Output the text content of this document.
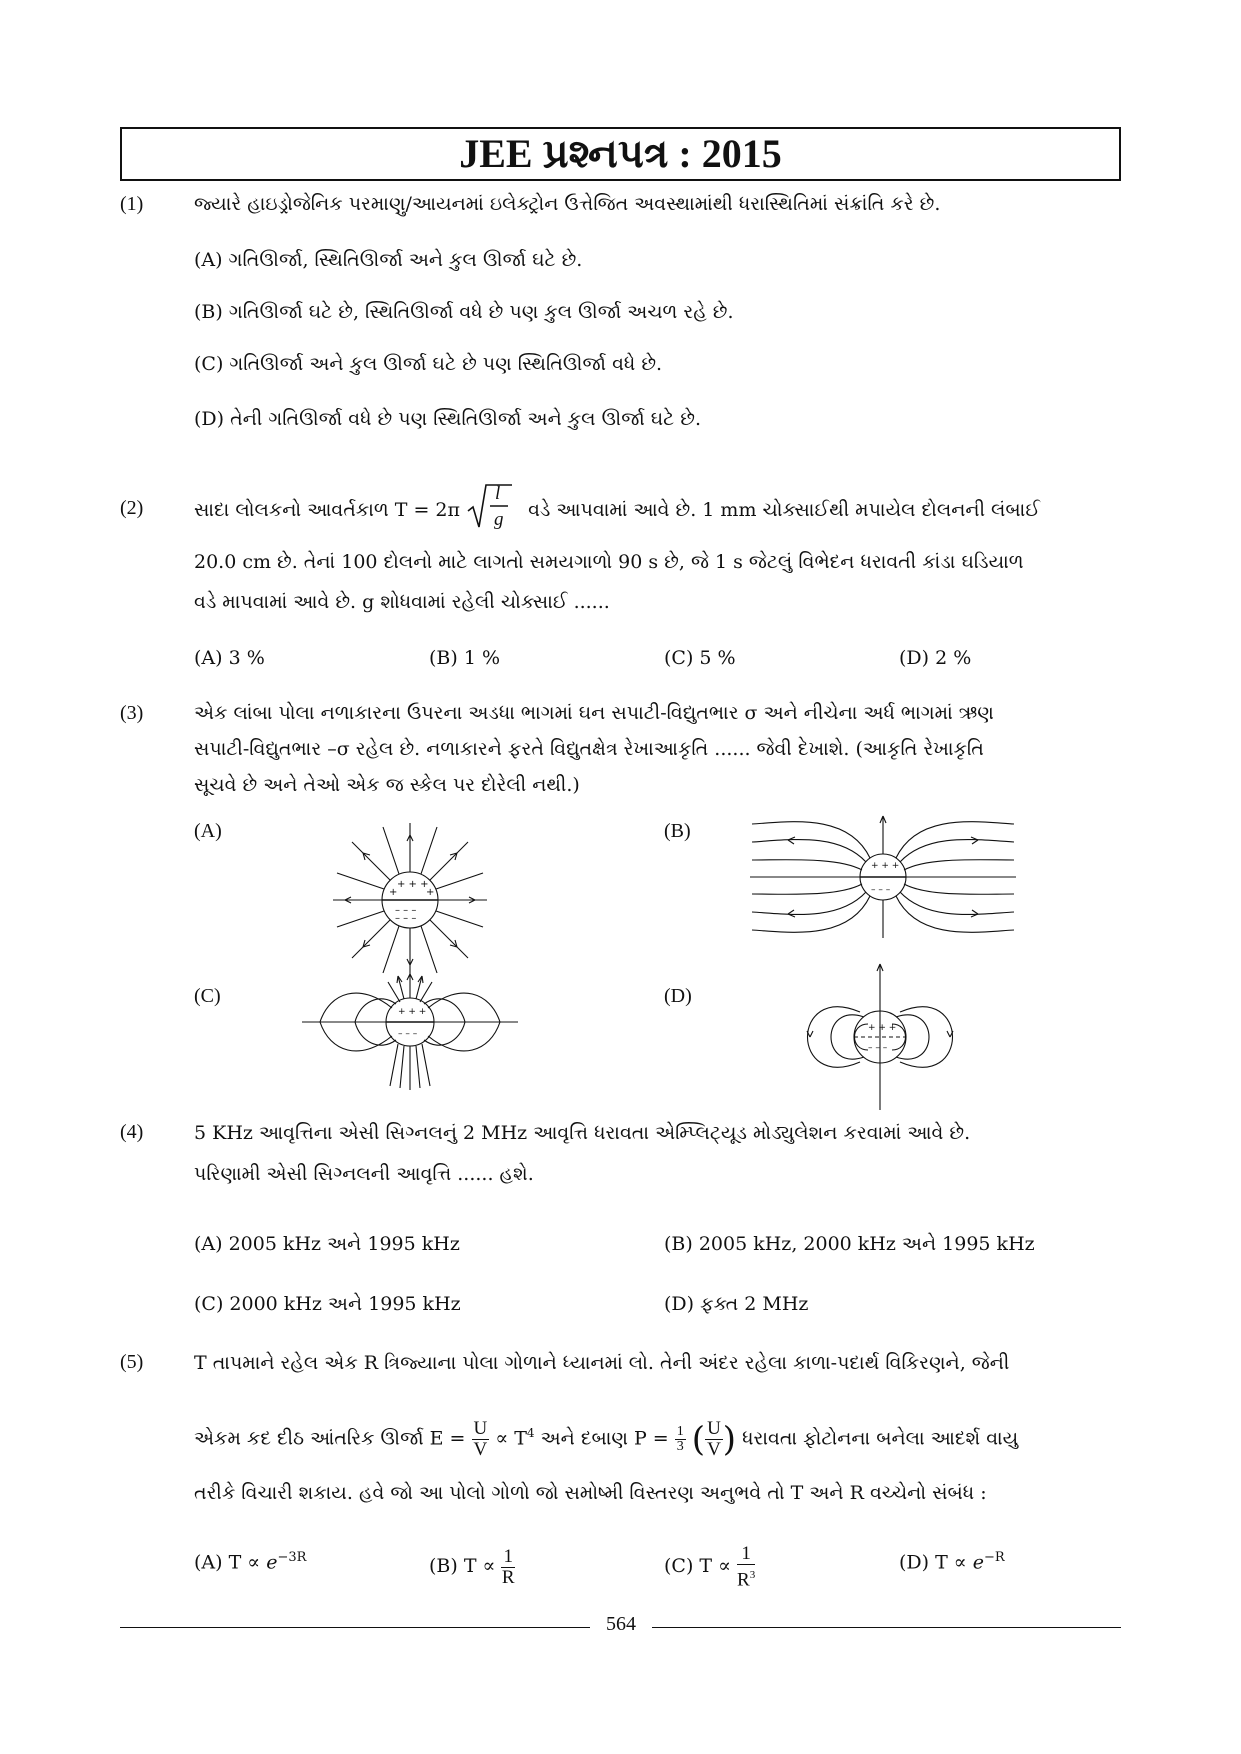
JEE પ્રશ્નપત્ર : 2015
(1)	જ્યારે હાઇડ્રોજેનિક પરમાણુ/આયનમાં ઇલેક્ટ્રોન ઉત્તેજિત અવસ્થામાંથી ધરાસ્થિતિમાં સંક્રાંતિ કરે છે.
(A) ગતિઊર્જા, સ્થિતિઊર્જા અને કુલ ઊર્જા ઘટે છે.
(B) ગતિઊર્જા ઘટે છે, સ્થિતિઊર્જા વધે છે પણ કુલ ઊર્જા અચળ રહે છે.
(C) ગતિઊર્જા અને કુલ ઊર્જા ઘટે છે પણ સ્થિતિઊર્જા વધે છે.
(D) તેની ગતિઊર્જા વધે છે પણ સ્થિતિઊર્જા અને કુલ ઊર્જા ઘટે છે.
(2)	સાદા લોલકનો આવર્તકાળ T = 2π
l
g વડે આપવામાં આવે છે. 1 mm ચોક્સાઈથી મપાયેલ દોલનની લંબાઈ
20.0 cm છે. તેનાં 100 દોલનો માટે લાગતો સમયગાળો 90 s છે, જે 1 s જેટલું વિભેદન ધરાવતી કાંડા ઘડિયાળ
વડે માપવામાં આવે છે. g શોધવામાં રહેલી ચોક્સાઈ ......
(A) 3 %	(B) 1 %	(C) 5 %	(D) 2 %
(3)	એક લાંબા પોલા નળાકારના ઉપરના અડધા ભાગમાં ઘન સપાટી-વિદ્યુતભાર σ અને નીચેના અર્ધ ભાગમાં ઋણ
સપાટી-વિદ્યુતભાર –σ રહેલ છે. નળાકારને ફરતે વિદ્યુતક્ષેત્ર રેખાઆકૃતિ ...... જેવી દેખાશે. (આકૃતિ રેખાકૃતિ
સૂચવે છે અને તેઓ એક જ સ્કેલ પર દોરેલી નથી.)
(A)	(B)
(C)	(D)
+ + +
+	+
– – –
– – –
+ + +
– – –
+ + +
– – –
+ + +
– – –
(4)	5 KHz આવૃત્તિના એસી સિગ્નલનું 2 MHz આવૃત્તિ ધરાવતા એમ્પ્લિટ્યૂડ મોડ્યુલેશન કરવામાં આવે છે.
પરિણામી એસી સિગ્નલની આવૃત્તિ ...... હશે.
(A) 2005 kHz અને 1995 kHz	(B) 2005 kHz, 2000 kHz અને 1995 kHz
(C) 2000 kHz અને 1995 kHz	(D) ફક્ત 2 MHz
(5)	T તાપમાને રહેલ એક R ત્રિજ્યાના પોલા ગોળાને ધ્યાનમાં લો. તેની અંદર રહેલા કાળા-પદાર્થ વિકિરણને, જેની
એકમ કદ દીઠ આંતરિક ઊર્જા $E = \frac{U}{V} \propto T^4$ અને દબાણ $P = \frac{1}{3}$ ( $\frac{U}{V}$ ) ધરાવતા ફોટોનના બનેલા આદર્શ વાયુ
તરીકે વિચારી શકાય. હવે જો આ પોલો ગોળો જો સમોષ્મી વિસ્તરણ અનુભવે તો T અને R વચ્ચેનો સંબંધ :
(A) $T \propto e^{-3R}$	(B) $T \propto \frac{1}{R}$	(C) $T \propto \frac{1}{R^3}$	(D) $T \propto e^{-R}$
564
